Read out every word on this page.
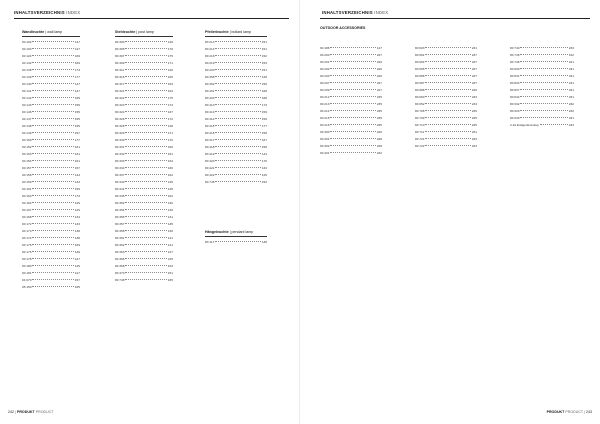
INHALTSVERZEICHNIS INDEX
Wandleuchte | wall lamp
90 102	147
90 103	147
90 124	169
90 132	169
90 138	173
90 139	177
90 140	147
90 141	147
90 142	155
90 143	155
90 146	155
90 147	155
90 148	155
90 149	157
90 150	177
90 152	161
90 153	161
90 154	161
90 157	157
90 158	143
90 159	143
90 161	159
90 163	173
90 164	129
90 167	129
90 168	134
90 172	133
90 173	138
90 174	138
90 175	169
90 176	139
90 178	127
90 180	125
90 181	127
94 070	157
95 150	165
Stehleuchte | post lamp
80 303	149
80 305	170
80 307	175
80 309	171
80 311	146
80 316	165
80 317	153
80 321	164
80 322	175
80 323	174
80 324	167
80 326	172
80 328	148
80 329	171
80 330	176
80 331	160
80 332	151
80 333	164
80 334	166
80 337	162
80 340	145
80 341	145
80 345	162
80 352	130
80 354	130
80 356	131
80 357	135
80 358	136
80 361	141
80 362	141
80 363	127
80 366	125
80 368	163
80 370	151
80 748	165
Pfeilerleuchte | bollard lamp
80 213	151
80 214	151
80 216	152
80 219	153
80 220	151
80 358	128
80 364	156
80 401	168
80 403	168
80 410	173
80 413	159
80 414	159
80 415	177
80 416	158
80 417	167
80 418	158
80 419	144
80 420	170
80 421	134
80 422	125
80 745	152
Hängeleuchte | pendant lamp
80 117	138
242 | PRODUKT PRODUCT
INHALTSVERZEICHNIS INDEX
OUTDOOR ACCESSORIES
90 186	127
90 200	227
90 201	226
90 202	226
90 203	226
90 207	227
90 209	227
90 212	235
90 213	235
90 214	235
90 215	235
90 216	235
90 300	226
90 301	228
90 302	228
90 401	232
80 603	231
80 661	237
80 664	237
80 665	237
80 686	237
80 687	237
80 686	226
80 660	233
80 652	233
80 706	225
80 709	225
80 710	225
80 711	231
80 721	233
80 722	233
80 740	233
80 745	152
80 746	221
80 830	231
80 831	231
80 834	231
80 837	231
80 844	231
80 932	232
80 933	232
80 940	231
2-fol Endgerät Ankup	233
PRODUKT PRODUCT | 243
